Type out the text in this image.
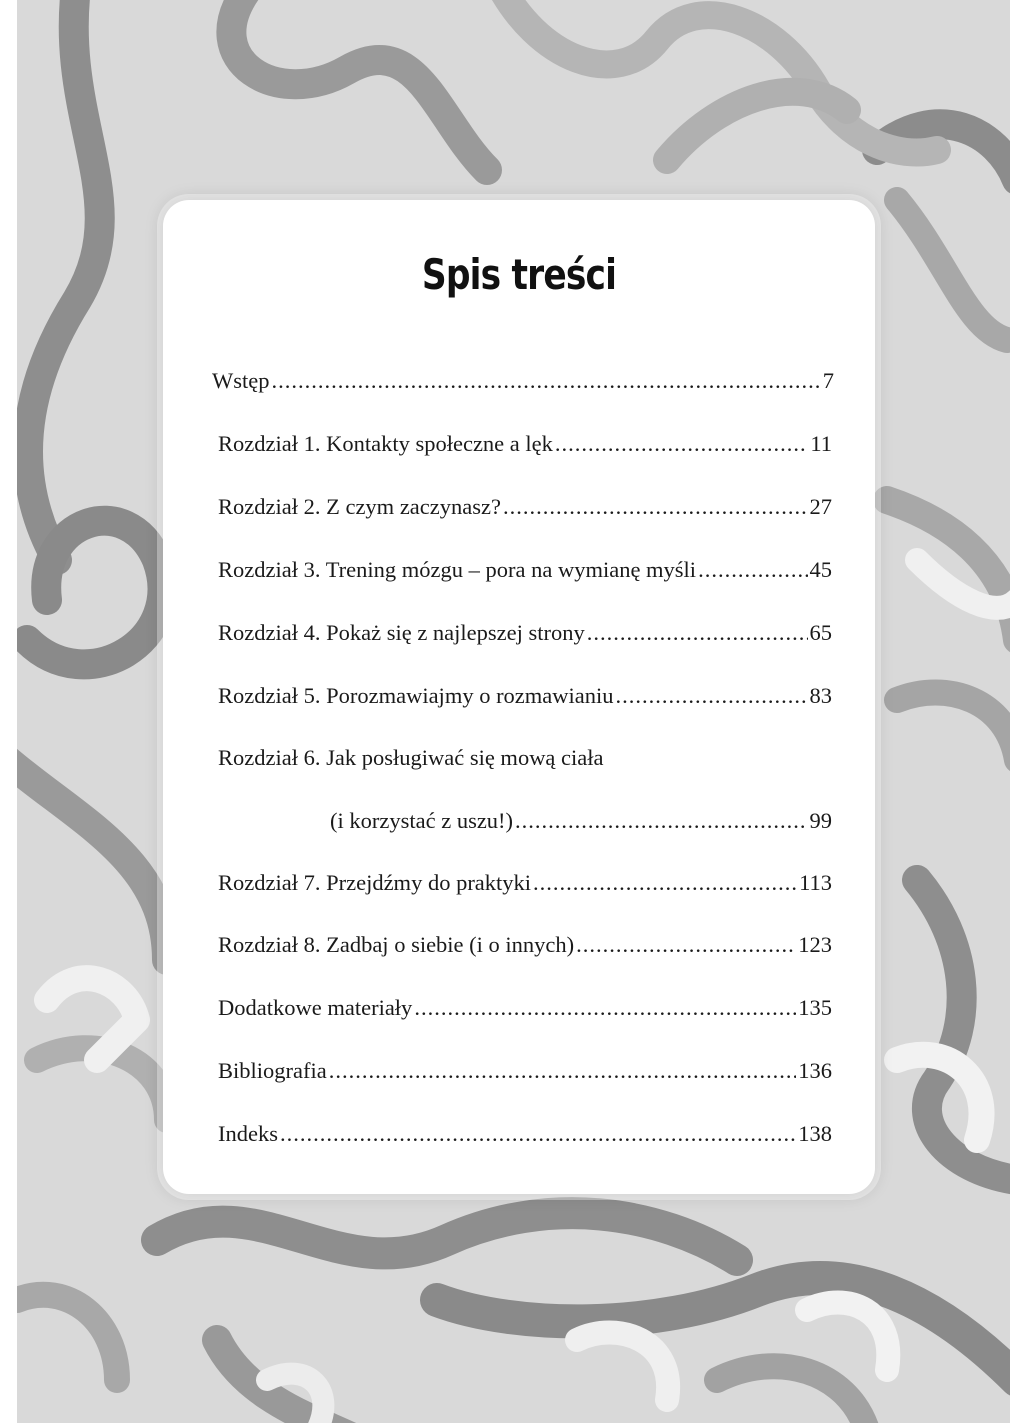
Spis treści
Wstęp .....	7
Rozdział 1. Kontakty społeczne a lęk .....	11
Rozdział 2. Z czym zaczynasz? .....	27
Rozdział 3. Trening mózgu – pora na wymianę myśli .....	45
Rozdział 4. Pokaż się z najlepszej strony .....	65
Rozdział 5. Porozmawiajmy o rozmawianiu .....	83
Rozdział 6. Jak posługiwać się mową ciała
(i korzystać z uszu!) .....	99
Rozdział 7. Przejdźmy do praktyki .....	113
Rozdział 8. Zadbaj o siebie (i o innych) .....	123
Dodatkowe materiały .....	135
Bibliografia .....	136
Indeks .....	138
